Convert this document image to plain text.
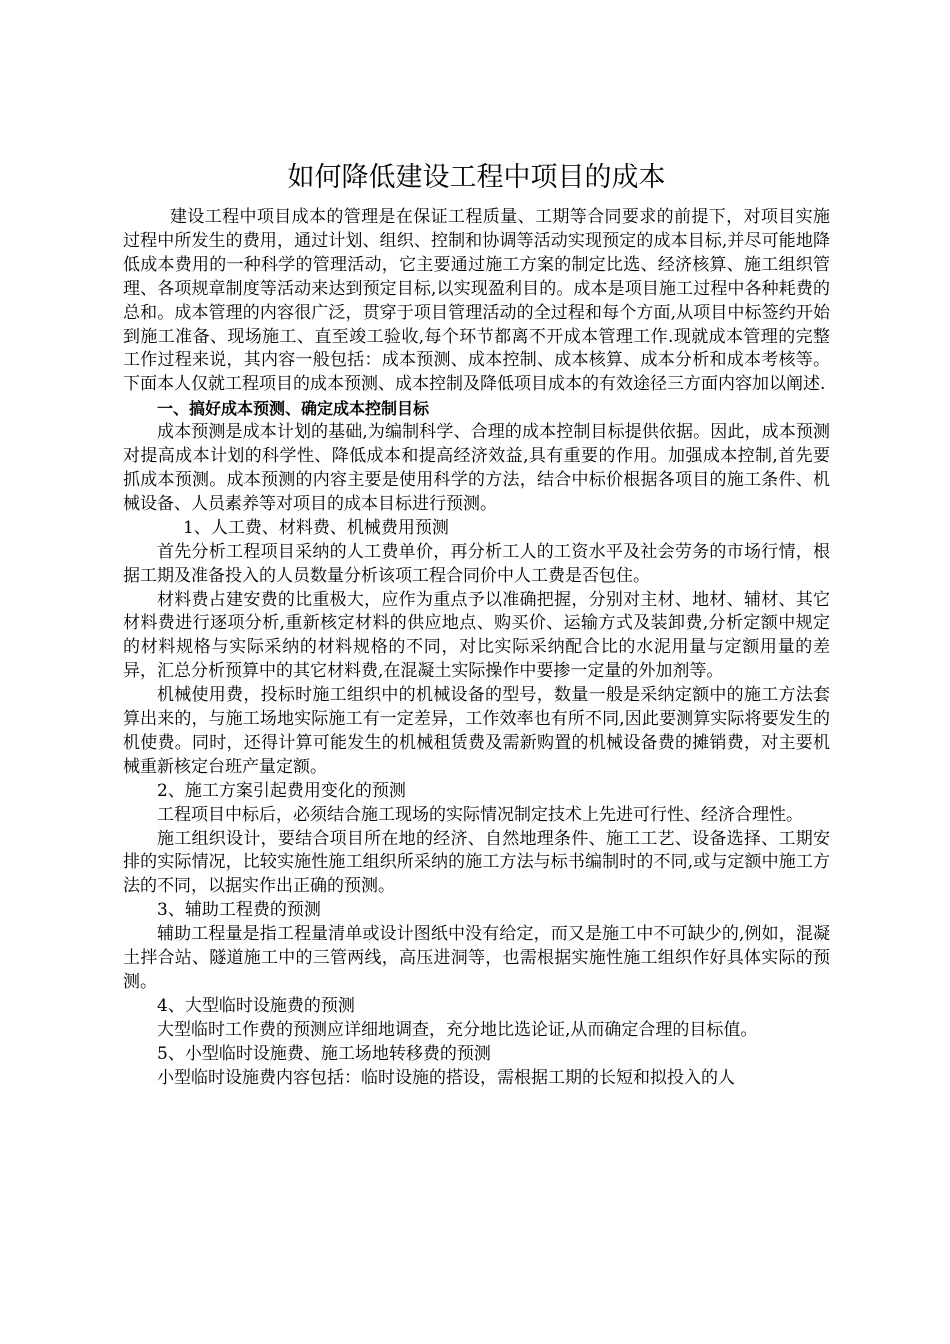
如何降低建设工程中项目的成本

建设工程中项目成本的管理是在保证工程质量、工期等合同要求的前提下，对项目实施过程中所发生的费用，通过计划、组织、控制和协调等活动实现预定的成本目标,并尽可能地降低成本费用的一种科学的管理活动，它主要通过施工方案的制定比选、经济核算、施工组织管理、各项规章制度等活动来达到预定目标,以实现盈利目的。成本是项目施工过程中各种耗费的总和。成本管理的内容很广泛，贯穿于项目管理活动的全过程和每个方面,从项目中标签约开始到施工准备、现场施工、直至竣工验收,每个环节都离不开成本管理工作.现就成本管理的完整工作过程来说，其内容一般包括：成本预测、成本控制、成本核算、成本分析和成本考核等。下面本人仅就工程项目的成本预测、成本控制及降低项目成本的有效途径三方面内容加以阐述.

一、搞好成本预测、确定成本控制目标

成本预测是成本计划的基础,为编制科学、合理的成本控制目标提供依据。因此，成本预测对提高成本计划的科学性、降低成本和提高经济效益,具有重要的作用。加强成本控制,首先要抓成本预测。成本预测的内容主要是使用科学的方法，结合中标价根据各项目的施工条件、机械设备、人员素养等对项目的成本目标进行预测。

1、人工费、材料费、机械费用预测

首先分析工程项目采纳的人工费单价，再分析工人的工资水平及社会劳务的市场行情，根据工期及准备投入的人员数量分析该项工程合同价中人工费是否包住。

材料费占建安费的比重极大，应作为重点予以准确把握，分别对主材、地材、辅材、其它材料费进行逐项分析,重新核定材料的供应地点、购买价、运输方式及装卸费,分析定额中规定的材料规格与实际采纳的材料规格的不同，对比实际采纳配合比的水泥用量与定额用量的差异，汇总分析预算中的其它材料费,在混凝土实际操作中要掺一定量的外加剂等。

机械使用费，投标时施工组织中的机械设备的型号，数量一般是采纳定额中的施工方法套算出来的，与施工场地实际施工有一定差异，工作效率也有所不同,因此要测算实际将要发生的机使费。同时，还得计算可能发生的机械租赁费及需新购置的机械设备费的摊销费，对主要机械重新核定台班产量定额。

2、施工方案引起费用变化的预测

工程项目中标后，必须结合施工现场的实际情况制定技术上先进可行性、经济合理性。

施工组织设计，要结合项目所在地的经济、自然地理条件、施工工艺、设备选择、工期安排的实际情况，比较实施性施工组织所采纳的施工方法与标书编制时的不同,或与定额中施工方法的不同，以据实作出正确的预测。

3、辅助工程费的预测

辅助工程量是指工程量清单或设计图纸中没有给定，而又是施工中不可缺少的,例如，混凝土拌合站、隧道施工中的三管两线，高压进洞等，也需根据实施性施工组织作好具体实际的预测。

4、大型临时设施费的预测

大型临时工作费的预测应详细地调查，充分地比选论证,从而确定合理的目标值。

5、小型临时设施费、施工场地转移费的预测

小型临时设施费内容包括：临时设施的搭设，需根据工期的长短和拟投入的人
